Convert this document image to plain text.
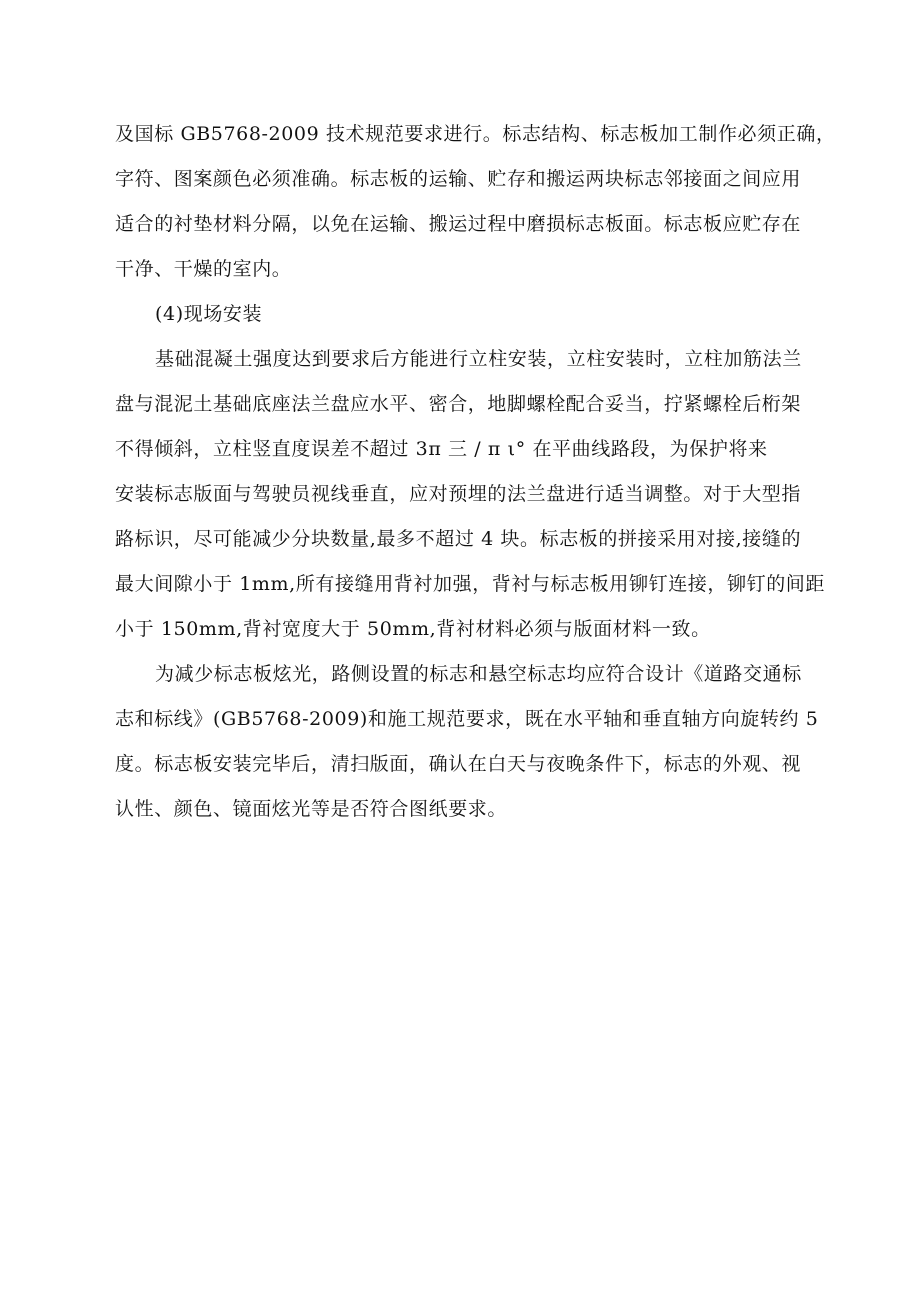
及国标 GB5768-2009 技术规范要求进行。标志结构、标志板加工制作必须正确，
字符、图案颜色必须准确。标志板的运输、贮存和搬运两块标志邻接面之间应用
适合的衬垫材料分隔，以免在运输、搬运过程中磨损标志板面。标志板应贮存在
干净、干燥的室内。

(4)现场安装

基础混凝土强度达到要求后方能进行立柱安装，立柱安装时，立柱加筋法兰
盘与混泥土基础底座法兰盘应水平、密合，地脚螺栓配合妥当，拧紧螺栓后桁架
不得倾斜，立柱竖直度误差不超过 3π 三 / π ι° 在平曲线路段，为保护将来
安装标志版面与驾驶员视线垂直，应对预埋的法兰盘进行适当调整。对于大型指
路标识，尽可能减少分块数量,最多不超过 4 块。标志板的拼接采用对接,接缝的
最大间隙小于 1mm,所有接缝用背衬加强，背衬与标志板用铆钉连接，铆钉的间距
小于 150mm,背衬宽度大于 50mm,背衬材料必须与版面材料一致。

为减少标志板炫光，路侧设置的标志和悬空标志均应符合设计《道路交通标
志和标线》(GB5768-2009)和施工规范要求，既在水平轴和垂直轴方向旋转约 5
度。标志板安装完毕后，清扫版面，确认在白天与夜晚条件下，标志的外观、视
认性、颜色、镜面炫光等是否符合图纸要求。
